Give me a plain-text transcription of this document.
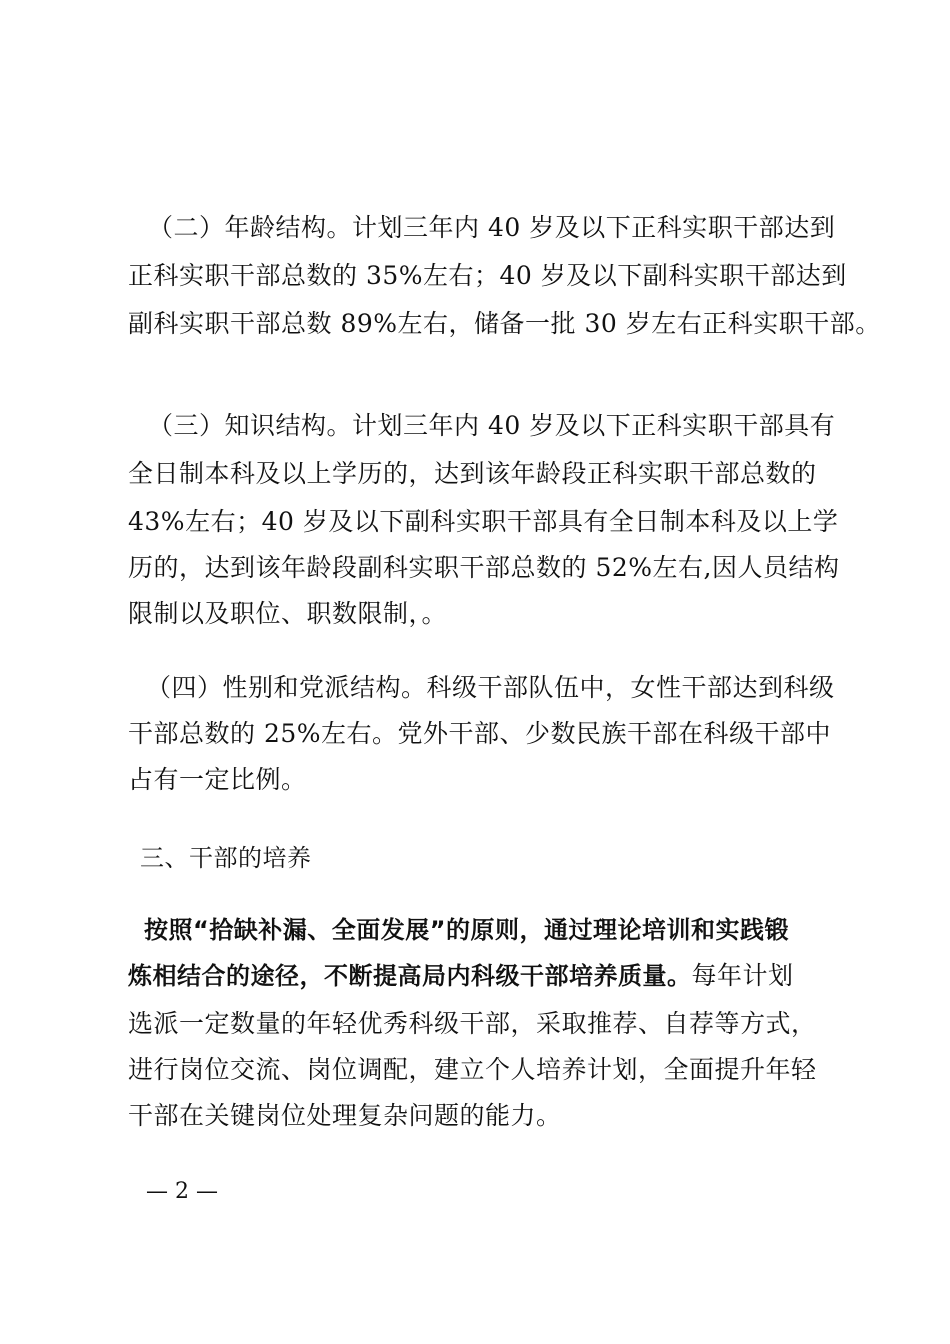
（二）年龄结构。计划三年内 40 岁及以下正科实职干部达到
正科实职干部总数的 35%左右；40 岁及以下副科实职干部达到
副科实职干部总数 89%左右，储备一批 30 岁左右正科实职干部。
（三）知识结构。计划三年内 40 岁及以下正科实职干部具有
全日制本科及以上学历的，达到该年龄段正科实职干部总数的
43%左右；40 岁及以下副科实职干部具有全日制本科及以上学
历的，达到该年龄段副科实职干部总数的 52%左右,因人员结构
限制以及职位、职数限制，。
（四）性别和党派结构。科级干部队伍中，女性干部达到科级
干部总数的 25%左右。党外干部、少数民族干部在科级干部中
占有一定比例。
三、干部的培养
按照“拾缺补漏、全面发展”的原则，通过理论培训和实践锻
炼相结合的途径，不断提高局内科级干部培养质量。每年计划
选派一定数量的年轻优秀科级干部，采取推荐、自荐等方式，
进行岗位交流、岗位调配，建立个人培养计划，全面提升年轻
干部在关键岗位处理复杂问题的能力。
— 2 —
